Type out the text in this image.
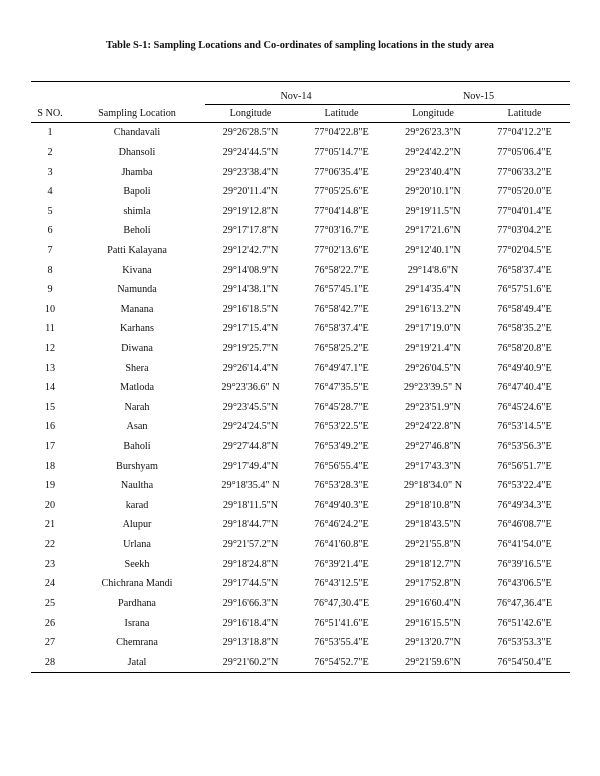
Table S-1: Sampling Locations and Co-ordinates of sampling locations in the study area
		Nov-14		Nov-15	
S NO.	Sampling Location	Longitude	Latitude	Longitude	Latitude
1	Chandavali	29°26'28.5"N	77°04'22.8"E	29°26'23.3"N	77°04'12.2"E
2	Dhansoli	29°24'44.5"N	77°05'14.7"E	29°24'42.2"N	77°05'06.4"E
3	Jhamba	29°23'38.4"N	77°06'35.4"E	29°23'40.4"N	77°06'33.2"E
4	Bapoli	29°20'11.4"N	77°05'25.6"E	29°20'10.1"N	77°05'20.0"E
5	shimla	29°19'12.8"N	77°04'14.8"E	29°19'11.5"N	77°04'01.4"E
6	Beholi	29°17'17.8"N	77°03'16.7"E	29°17'21.6"N	77°03'04.2"E
7	Patti Kalayana	29°12'42.7"N	77°02'13.6"E	29°12'40.1"N	77°02'04.5"E
8	Kivana	29°14'08.9"N	76°58'22.7"E	29°14'8.6"N	76°58'37.4"E
9	Namunda	29°14'38.1"N	76°57'45.1"E	29°14'35.4"N	76°57'51.6"E
10	Manana	29°16'18.5"N	76°58'42.7"E	29°16'13.2"N	76°58'49.4"E
11	Karhans	29°17'15.4"N	76°58'37.4"E	29°17'19.0"N	76°58'35.2"E
12	Diwana	29°19'25.7"N	76°58'25.2"E	29°19'21.4"N	76°58'20.8"E
13	Shera	29°26'14.4"N	76°49'47.1"E	29°26'04.5"N	76°49'40.9"E
14	Matloda	29°23'36.6" N	76°47'35.5"E	29°23'39.5" N	76°47'40.4"E
15	Narah	29°23'45.5"N	76°45'28.7"E	29°23'51.9"N	76°45'24.6"E
16	Asan	29°24'24.5"N	76°53'22.5"E	29°24'22.8"N	76°53'14.5"E
17	Baholi	29°27'44.8"N	76°53'49.2"E	29°27'46.8"N	76°53'56.3"E
18	Burshyam	29°17'49.4"N	76°56'55.4"E	29°17'43.3"N	76°56'51.7"E
19	Naultha	29°18'35.4" N	76°53'28.3"E	29°18'34.0" N	76°53'22.4"E
20	karad	29°18'11.5"N	76°49'40.3"E	29°18'10.8"N	76°49'34.3"E
21	Alupur	29°18'44.7"N	76°46'24.2"E	29°18'43.5"N	76°46'08.7"E
22	Urlana	29°21'57.2"N	76°41'60.8"E	29°21'55.8"N	76°41'54.0"E
23	Seekh	29°18'24.8"N	76°39'21.4"E	29°18'12.7"N	76°39'16.5"E
24	Chichrana Mandi	29°17'44.5"N	76°43'12.5"E	29°17'52.8"N	76°43'06.5"E
25	Pardhana	29°16'66.3"N	76°47,30.4"E	29°16'60.4"N	76°47,36.4"E
26	Israna	29°16'18.4"N	76°51'41.6"E	29°16'15.5"N	76°51'42.6"E
27	Chemrana	29°13'18.8"N	76°53'55.4"E	29°13'20.7"N	76°53'53.3"E
28	Jatal	29°21'60.2"N	76°54'52.7"E	29°21'59.6"N	76°54'50.4"E
